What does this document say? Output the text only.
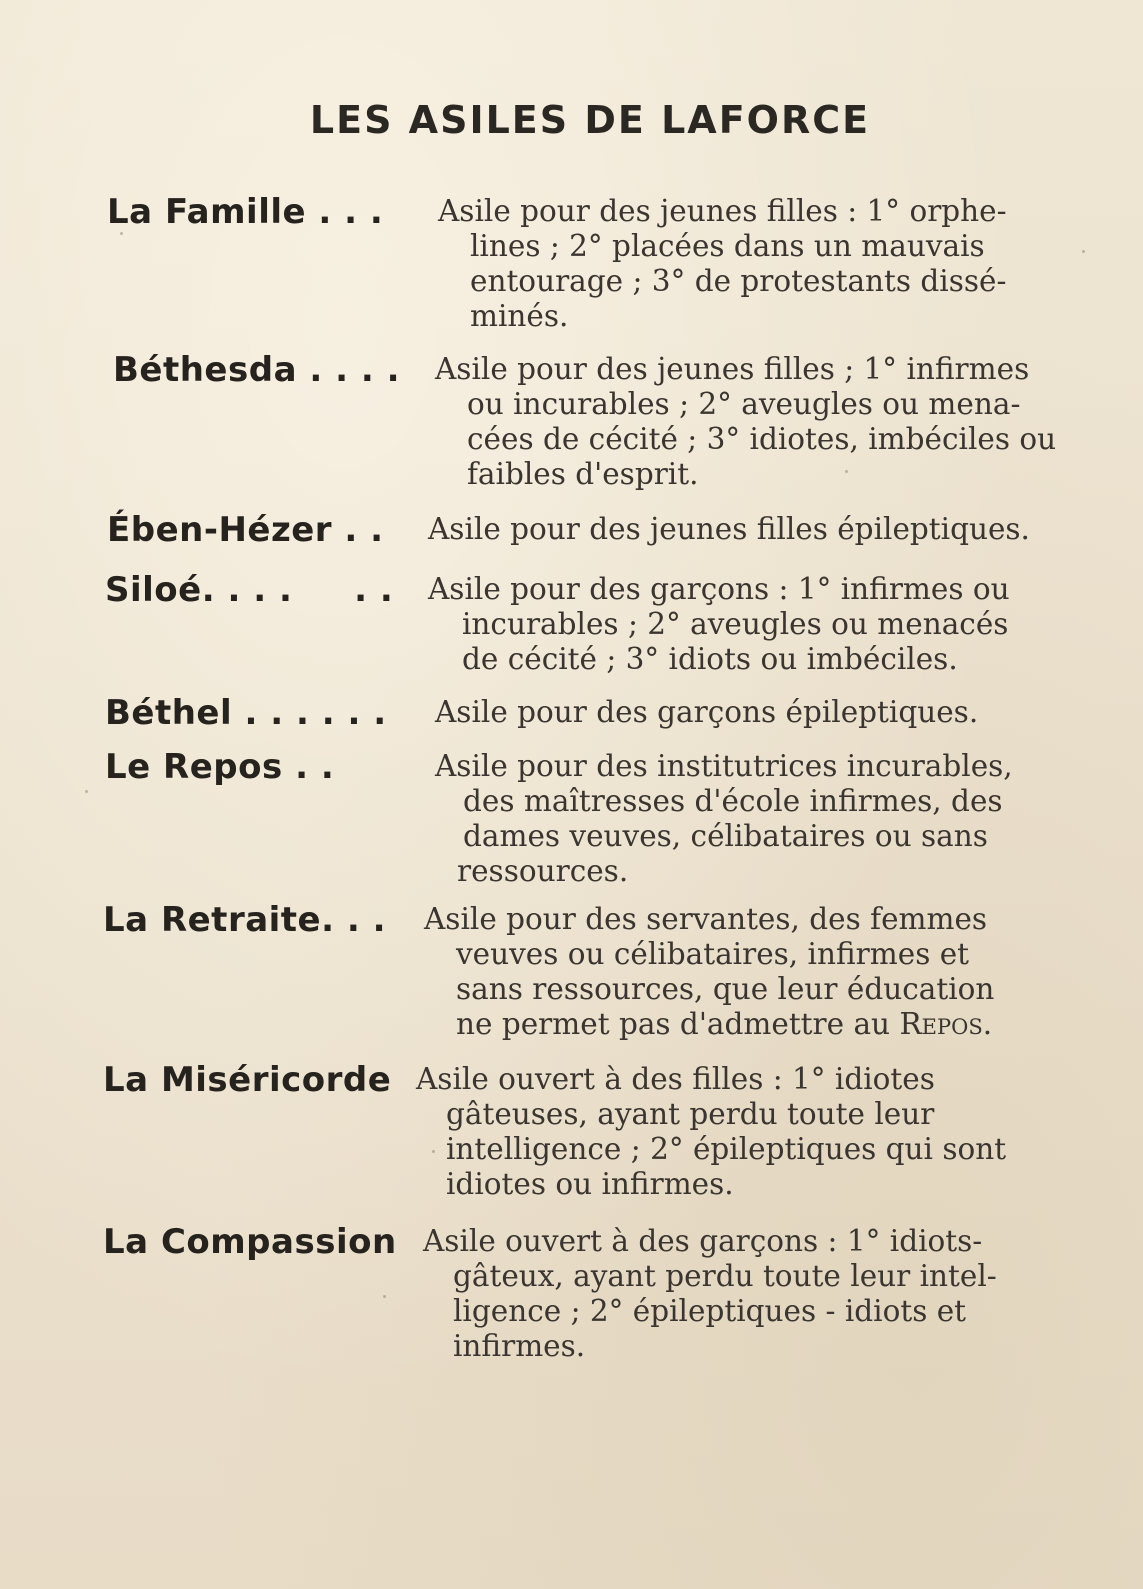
LES ASILES DE LAFORCE
La Famille . . . Asile pour des jeunes filles : 1° orphe-
lines ; 2° placées dans un mauvais
entourage ; 3° de protestants dissé-
minés.
Béthesda . . . . Asile pour des jeunes filles ; 1° infirmes
ou incurables ; 2° aveugles ou mena-
cées de cécité ; 3° idiotes, imbéciles ou
faibles d'esprit.
Ében-Hézer . . Asile pour des jeunes filles épileptiques.
Siloé. . . .     . . Asile pour des garçons : 1° infirmes ou
incurables ; 2° aveugles ou menacés
de cécité ; 3° idiots ou imbéciles.
Béthel . . . . . . Asile pour des garçons épileptiques.
Le Repos . .	Asile pour des institutrices incurables,
des maîtresses d'école infirmes, des
dames veuves, célibataires ou sans
ressources.
La Retraite. . . Asile pour des servantes, des femmes
veuves ou célibataires, infirmes et
sans ressources, que leur éducation
ne permet pas d'admettre au Repos.
La Miséricorde Asile ouvert à des filles : 1° idiotes
gâteuses, ayant perdu toute leur
intelligence ; 2° épileptiques qui sont
idiotes ou infirmes.
La Compassion Asile ouvert à des garçons : 1° idiots-
gâteux, ayant perdu toute leur intel-
ligence ; 2° épileptiques - idiots et
infirmes.
